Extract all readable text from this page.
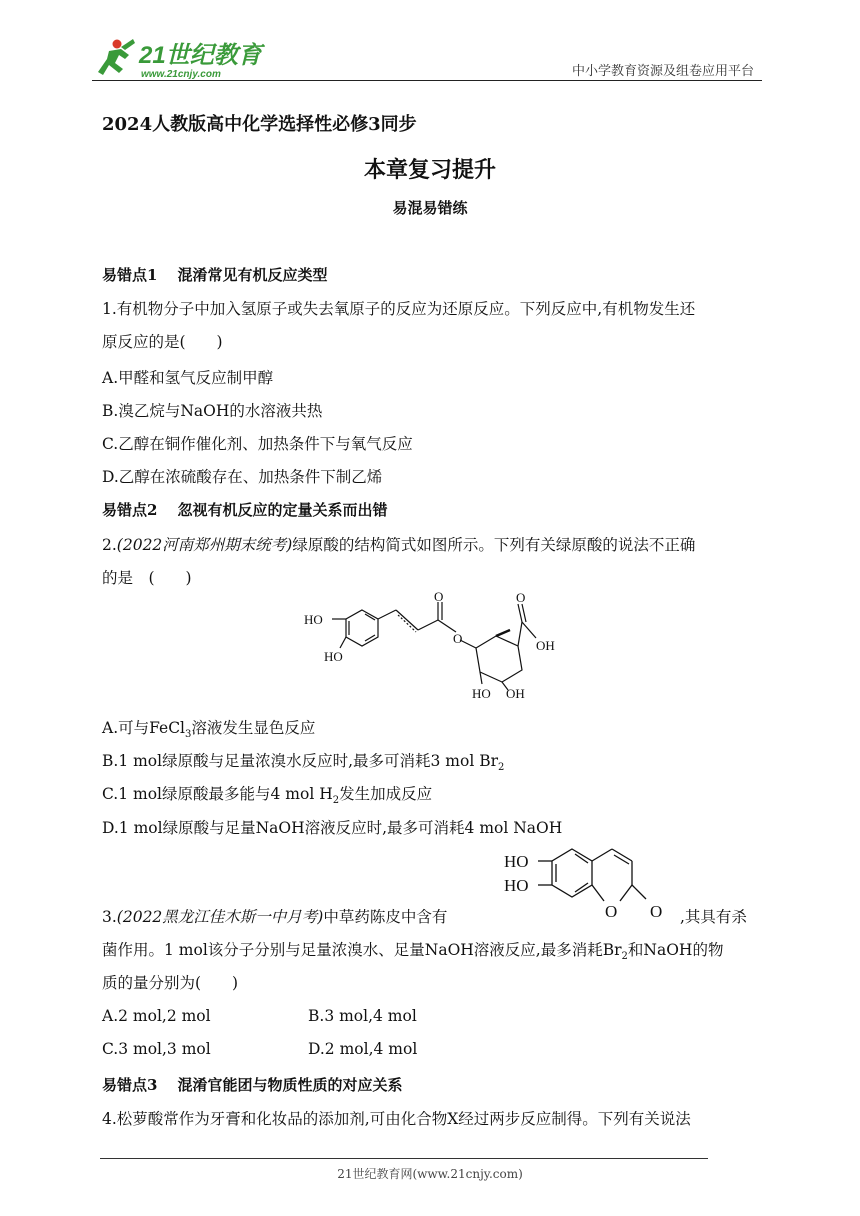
21世纪教育
www.21cnjy.com	中小学教育资源及组卷应用平台
2024人教版高中化学选择性必修3同步
本章复习提升
易混易错练
易错点1 混淆常见有机反应类型
1.有机物分子中加入氢原子或失去氧原子的反应为还原反应。下列反应中,有机物发生还
原反应的是(　　)
A.甲醛和氢气反应制甲醇
B.溴乙烷与NaOH的水溶液共热
C.乙醇在铜作催化剂、加热条件下与氧气反应
D.乙醇在浓硫酸存在、加热条件下制乙烯
易错点2 忽视有机反应的定量关系而出错
2.(2022河南郑州期末统考)绿原酸的结构简式如图所示。下列有关绿原酸的说法不正确
的是　(　　)
HO
HO
O
O
O
OH
HO OH
A.可与FeCl$_3$溶液发生显色反应
B.1 mol绿原酸与足量浓溴水反应时,最多可消耗3 mol $Br_2$
C.1 mol绿原酸最多能与4 mol $H_2$发生加成反应
D.1 mol绿原酸与足量NaOH溶液反应时,最多可消耗4 mol NaOH
HO
HO
O O
3.(2022黑龙江佳木斯一中月考)中草药陈皮中含有	,其具有杀
菌作用。1 mol该分子分别与足量浓溴水、足量NaOH溶液反应,最多消耗$Br_2$和NaOH的物
质的量分别为(　　)
A.2 mol,2 mol	B.3 mol,4 mol
C.3 mol,3 mol	D.2 mol,4 mol
易错点3 混淆官能团与物质性质的对应关系
4.松萝酸常作为牙膏和化妆品的添加剂,可由化合物X经过两步反应制得。下列有关说法
21世纪教育网(www.21cnjy.com)
